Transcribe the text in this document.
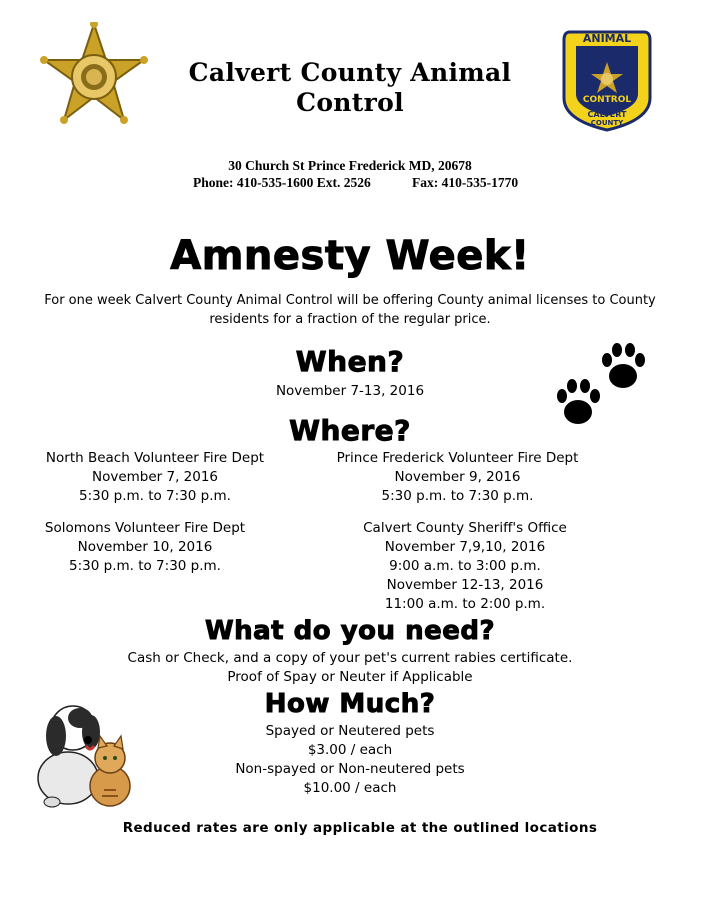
ANIMAL
CONTROL
CALVERT
COUNTY
Calvert County Animal
Control
30 Church St Prince Frederick MD, 20678
Phone: 410-535-1600 Ext. 2526	Fax: 410-535-1770
Amnesty Week!
For one week Calvert County Animal Control will be offering County animal licenses to County
residents for a fraction of the regular price.
When?
November 7-13, 2016
Where?
North Beach Volunteer Fire Dept
November 7, 2016
5:30 p.m. to 7:30 p.m.
Prince Frederick Volunteer Fire Dept
November 9, 2016
5:30 p.m. to 7:30 p.m.
Solomons Volunteer Fire Dept
November 10, 2016
5:30 p.m. to 7:30 p.m.
Calvert County Sheriff's Office
November 7,9,10, 2016
9:00 a.m. to 3:00 p.m.
November 12-13, 2016
11:00 a.m. to 2:00 p.m.
What do you need?
Cash or Check, and a copy of your pet's current rabies certificate.
Proof of Spay or Neuter if Applicable
How Much?
Spayed or Neutered pets
$3.00 / each
Non-spayed or Non-neutered pets
$10.00 / each
Reduced rates are only applicable at the outlined locations
